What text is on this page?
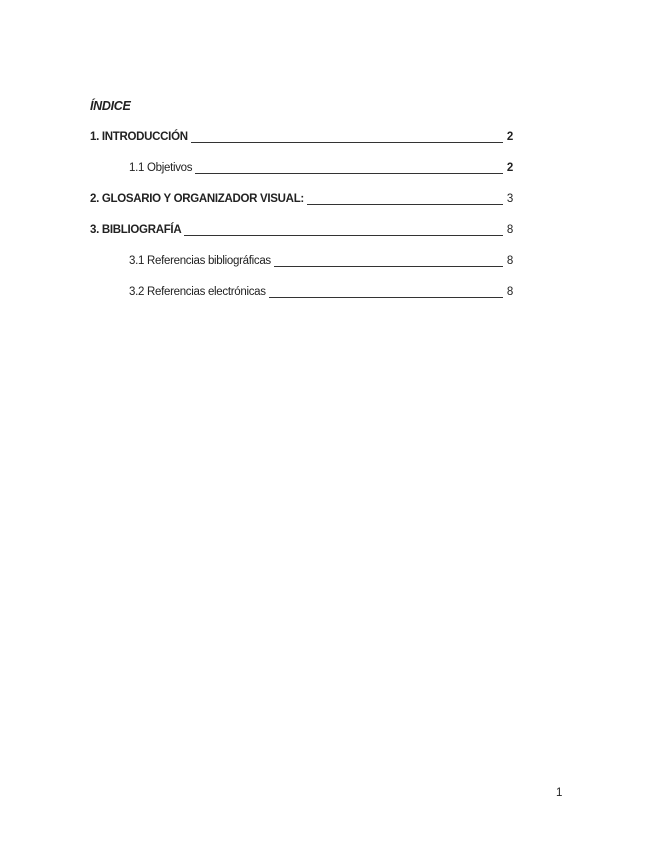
ÍNDICE
1. INTRODUCCIÓN	2
1.1 Objetivos	2
2. GLOSARIO Y ORGANIZADOR VISUAL:	3
3. BIBLIOGRAFÍA	8
3.1 Referencias bibliográficas	8
3.2 Referencias electrónicas	8
1
